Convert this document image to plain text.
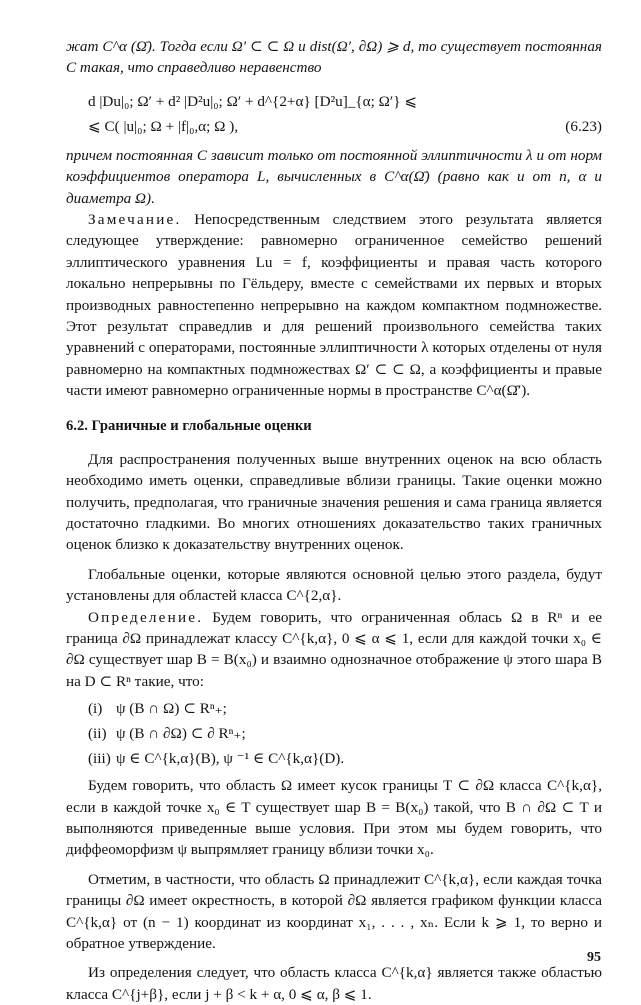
жат C^α (Ω̄). Тогда если Ω′ ⊂ ⊂ Ω и dist(Ω′, ∂Ω) ⩾ d, то существует постоянная C такая, что справедливо неравенство

d |Du|₀; Ω′ + d² |D²u|₀; Ω′ + d^{2+α} [D²u]_{α; Ω′} ⩽
⩽ C( |u|₀; Ω + |f|₀,α; Ω ),	(6.23)

причем постоянная C зависит только от постоянной эллиптичности λ и от норм коэффициентов оператора L, вычисленных в C^α(Ω̄) (равно как и от n, α и диаметра Ω).

Замечание. Непосредственным следствием этого результата является следующее утверждение: равномерно ограниченное семейство решений эллиптического уравнения Lu = f, коэффициенты и правая часть которого локально непрерывны по Гёльдеру, вместе с семействами их первых и вторых производных равностепенно непрерывно на каждом компактном подмножестве. Этот результат справедлив и для решений произвольного семейства таких уравнений с операторами, постоянные эллиптичности λ которых отделены от нуля равномерно на компактных подмножествах Ω′ ⊂ ⊂ Ω, а коэффициенты и правые части имеют равномерно ограниченные нормы в пространстве C^α(Ω̄′).

6.2. Граничные и глобальные оценки

Для распространения полученных выше внутренних оценок на всю область необходимо иметь оценки, справедливые вблизи границы. Такие оценки можно получить, предполагая, что граничные значения решения и сама граница является достаточно гладкими. Во многих отношениях доказательство таких граничных оценок близко к доказательству внутренних оценок.

Глобальные оценки, которые являются основной целью этого раздела, будут установлены для областей класса C^{2,α}.

Определение. Будем говорить, что ограниченная облась Ω в Rⁿ и ее граница ∂Ω принадлежат классу C^{k,α}, 0 ⩽ α ⩽ 1, если для каждой точки x₀ ∈ ∂Ω существует шар B = B(x₀) и взаимно однозначное отображение ψ этого шара B на D ⊂ Rⁿ такие, что:

(i) ψ (B ∩ Ω) ⊂ Rⁿ₊;
(ii) ψ (B ∩ ∂Ω) ⊂ ∂ Rⁿ₊;
(iii) ψ ∈ C^{k,α}(B), ψ ⁻¹ ∈ C^{k,α}(D).

Будем говорить, что область Ω имеет кусок границы T ⊂ ∂Ω класса C^{k,α}, если в каждой точке x₀ ∈ T существует шар B = B(x₀) такой, что B ∩ ∂Ω ⊂ T и выполняются приведенные выше условия. При этом мы будем говорить, что диффеоморфизм ψ выпрямляет границу вблизи точки x₀.

Отметим, в частности, что область Ω принадлежит C^{k,α}, если каждая точка границы ∂Ω имеет окрестность, в которой ∂Ω является графиком функции класса C^{k,α} от (n − 1) координат из координат x₁, . . . , xₙ. Если k ⩾ 1, то верно и обратное утверждение.

Из определения следует, что область класса C^{k,α} является также областью класса C^{j+β}, если j + β < k + α, 0 ⩽ α, β ⩽ 1.

95
